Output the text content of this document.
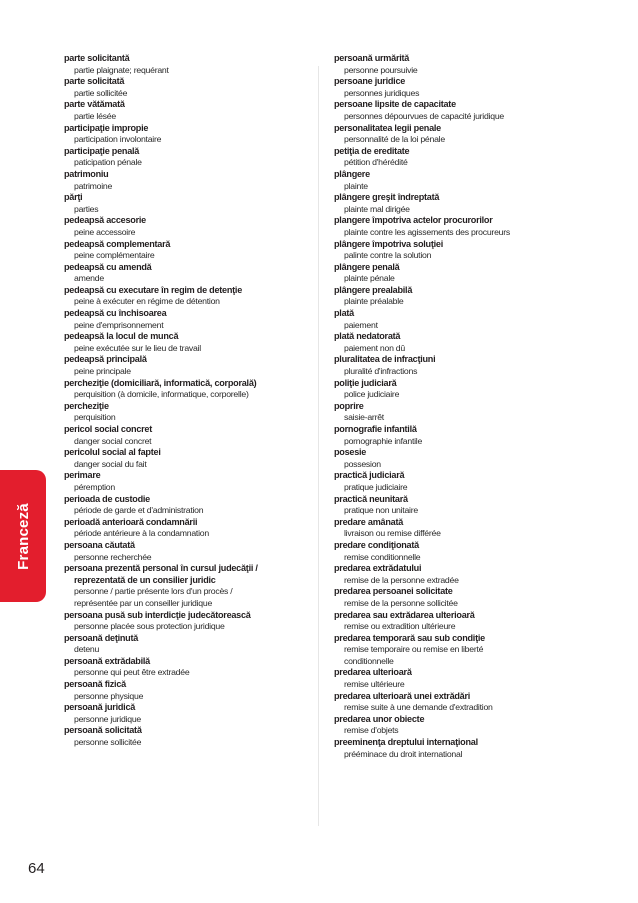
Franceză
parte solicitantă
partie plaignate; requérant
parte solicitată
partie sollicitée
parte vătămată
partie lésée
participaţie impropie
participation involontaire
participaţie penală
paticipation pénale
patrimoniu
patrimoine
părţi
parties
pedeapsă accesorie
peine accessoire
pedeapsă complementară
peine complémentaire
pedeapsă cu amendă
amende
pedeapsă cu executare în regim de detenţie
peine à exécuter en régime de détention
pedeapsă cu închisoarea
peine d'emprisonnement
pedeapsă la locul de muncă
peine exécutée sur le lieu de travail
pedeapsă principală
peine principale
percheziţie (domiciliară, informatică, corporală)
perquisition (à domicile, informatique, corporelle)
percheziţie
perquisition
pericol social concret
danger social concret
pericolul social al faptei
danger social du fait
perimare
péremption
perioada de custodie
période de garde et d'administration
perioadă anterioară condamnării
période antérieure à la condamnation
persoana căutată
personne recherchée
persoana prezentă personal în cursul judecăţii /
reprezentată de un consilier juridic
personne / partie présente lors d'un procès /
représentée par un conseiller juridique
persoana pusă sub interdicţie judecătorească
personne placée sous protection juridique
persoană deţinută
detenu
persoană extrădabilă
personne qui peut être extradée
persoană fizică
personne physique
persoană juridică
personne juridique
persoană solicitată
personne sollicitée
persoană urmărită
personne poursuivie
persoane juridice
personnes juridiques
persoane lipsite de capacitate
personnes dépourvues de capacité juridique
personalitatea legii penale
personnalité de la loi pénale
petiţia de ereditate
pétition d'hérédité
plângere
plainte
plângere greşit îndreptată
plainte mal dirigée
plangere împotriva actelor procurorilor
plainte contre les agissements des procureurs
plângere împotriva soluţiei
palinte contre la solution
plângere penală
plainte pénale
plângere prealabilă
plainte préalable
plată
paiement
plată nedatorată
paiement non dû
pluralitatea de infracţiuni
pluralité d'infractions
poliţie judiciară
police judiciaire
poprire
saisie-arrêt
pornografie infantilă
pornographie infantile
posesie
possesion
practică judiciară
pratique judiciaire
practică neunitară
pratique non unitaire
predare amânată
livraison ou remise différée
predare condiţionată
remise conditionnelle
predarea extrădatului
remise de la personne extradée
predarea persoanei solicitate
remise de la personne sollicitée
predarea sau extrădarea ulterioară
remise ou extradition ultérieure
predarea temporară sau sub condiţie
remise temporaire ou remise en liberté
conditionnelle
predarea ulterioară
remise ultérieure
predarea ulterioară unei extrădări
remise suite à une demande d'extradition
predarea unor obiecte
remise d'objets
preeminenţa dreptului internaţional
prééminace du droit international
64
